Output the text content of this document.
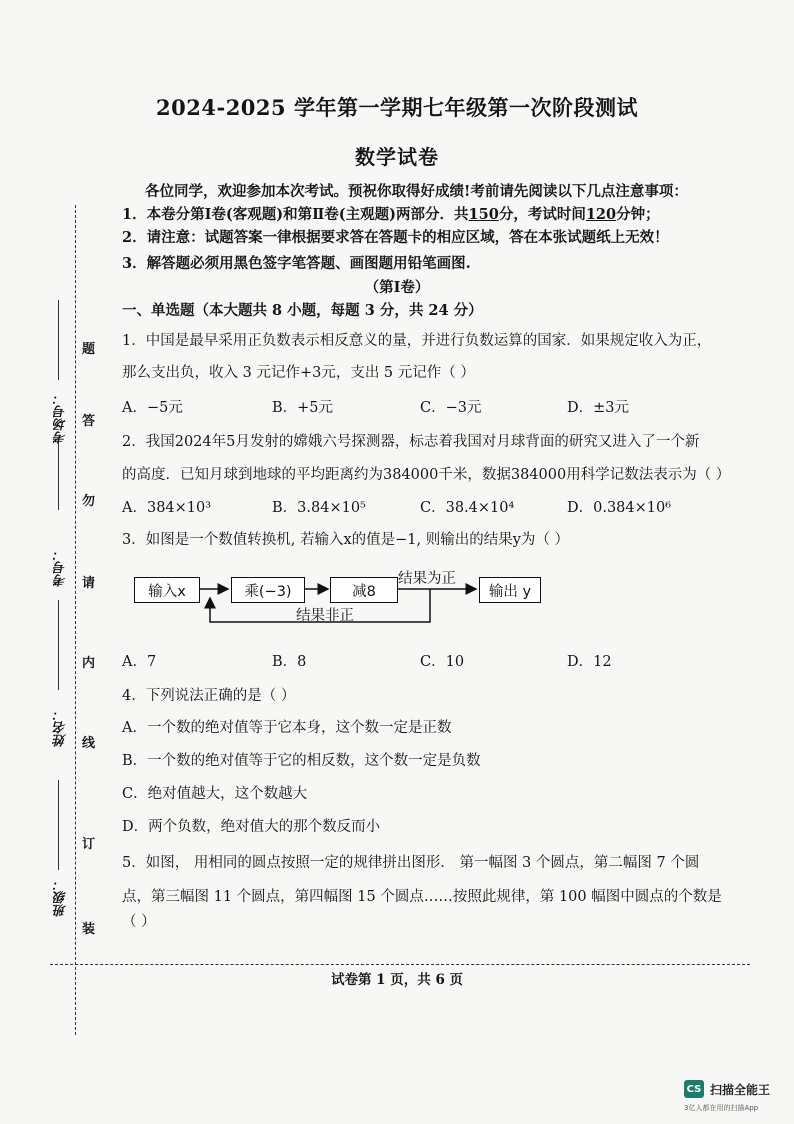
考场号：
考号：
姓名：
班级：
题
答
勿
请
内
线
订
装
2024-2025 学年第一学期七年级第一次阶段测试
数学试卷
各位同学，欢迎参加本次考试。预祝你取得好成绩!考前请先阅读以下几点注意事项：
1．本卷分第Ⅰ卷(客观题)和第Ⅱ卷(主观题)两部分．共150分，考试时间120分钟；
2．请注意：试题答案一律根据要求答在答题卡的相应区域，答在本张试题纸上无效！
3．解答题必须用黑色签字笔答题、画图题用铅笔画图.
（第Ⅰ卷）
一、单选题（本大题共 8 小题，每题 3 分，共 24 分）
1．中国是最早采用正负数表示相反意义的量，并进行负数运算的国家．如果规定收入为正，
那么支出负，收入 3 元记作+3元，支出 5 元记作（ ）
A．−5元	B．+5元	C．−3元	D．±3元
2．我国2024年5月发射的嫦娥六号探测器，标志着我国对月球背面的研究又进入了一个新
的高度．已知月球到地球的平均距离约为384000千米，数据384000用科学记数法表示为（ ）
A．384×10³	B．3.84×10⁵	C．38.4×10⁴	D．0.384×10⁶
3．如图是一个数值转换机, 若输入x的值是−1, 则输出的结果y为（ ）
输入x	乘(−3)	减8	输出 y
结果为正
结果非正
A．7	B．8	C．10	D．12
4．下列说法正确的是（ ）
A．一个数的绝对值等于它本身，这个数一定是正数
B．一个数的绝对值等于它的相反数，这个数一定是负数
C．绝对值越大，这个数越大
D．两个负数，绝对值大的那个数反而小
5．如图， 用相同的圆点按照一定的规律拼出图形． 第一幅图 3 个圆点，第二幅图 7 个圆
点，第三幅图 11 个圆点，第四幅图 15 个圆点……按照此规律，第 100 幅图中圆点的个数是
（ ）
试卷第 1 页，共 6 页
CS 扫描全能王
3亿人都在用的扫描App
